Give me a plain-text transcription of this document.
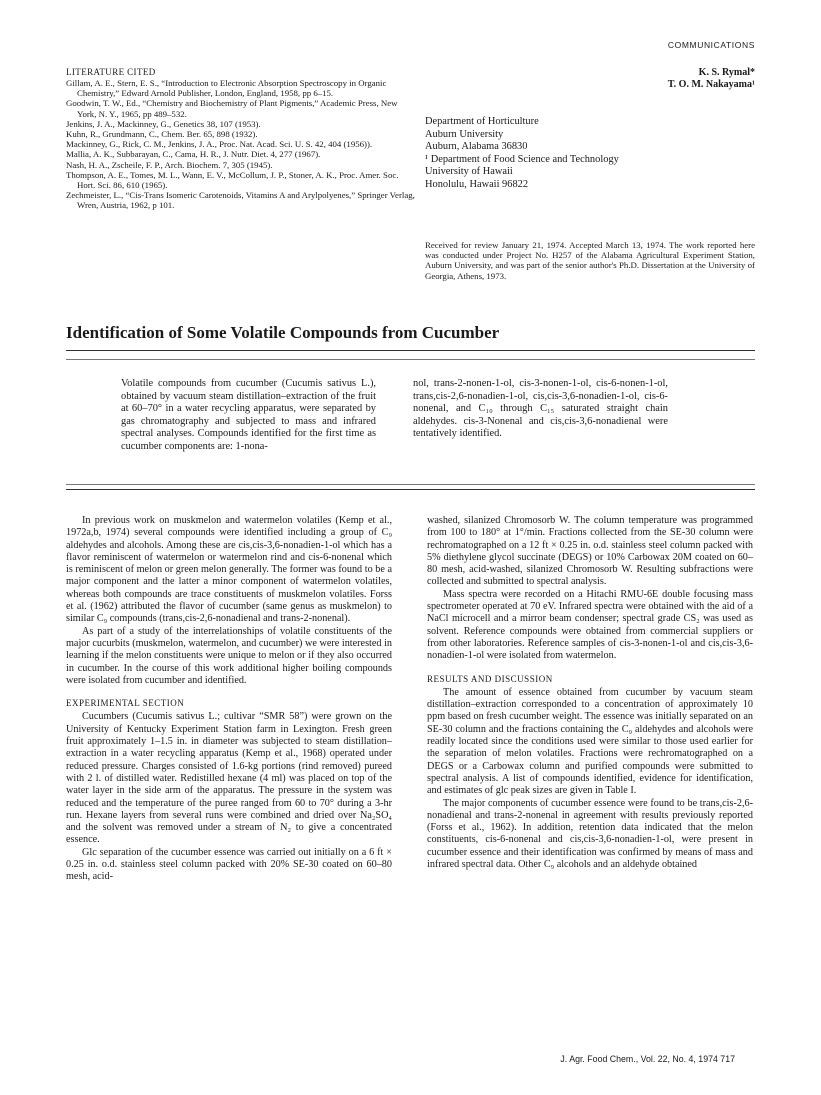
COMMUNICATIONS
LITERATURE CITED
Gillam, A. E., Stern, E. S., “Introduction to Electronic Absorption Spectroscopy in Organic Chemistry,” Edward Arnold Publisher, London, England, 1958, pp 6–15.
Goodwin, T. W., Ed., “Chemistry and Biochemistry of Plant Pigments,” Academic Press, New York, N. Y., 1965, pp 489–532.
Jenkins, J. A., Mackinney, G., Genetics 38, 107 (1953).
Kuhn, R., Grundmann, C., Chem. Ber. 65, 898 (1932).
Mackinney, G., Rick, C. M., Jenkins, J. A., Proc. Nat. Acad. Sci. U. S. 42, 404 (1956)).
Mallia, A. K., Subbarayan, C., Cama, H. R., J. Nutr. Diet. 4, 277 (1967).
Nash, H. A., Zscheile, F. P., Arch. Biochem. 7, 305 (1945).
Thompson, A. E., Tomes, M. L., Wann, E. V., McCollum, J. P., Stoner, A. K., Proc. Amer. Soc. Hort. Sci. 86, 610 (1965).
Zechmeister, L., “Cis-Trans Isomeric Carotenoids, Vitamins A and Arylpolyenes,” Springer Verlag, Wren, Austria, 1962, p 101.
K. S. Rymal*
T. O. M. Nakayama¹
Department of Horticulture
Auburn University
Auburn, Alabama 36830
¹ Department of Food Science and Technology
University of Hawaii
Honolulu, Hawaii 96822
Received for review January 21, 1974. Accepted March 13, 1974. The work reported here was conducted under Project No. H257 of the Alabama Agricultural Experiment Station, Auburn University, and was part of the senior author's Ph.D. Dissertation at the University of Georgia, Athens, 1973.
Identification of Some Volatile Compounds from Cucumber
Volatile compounds from cucumber (Cucumis sativus L.), obtained by vacuum steam distillation–extraction of the fruit at 60–70° in a water recycling apparatus, were separated by gas chromatography and subjected to mass and infrared spectral analyses. Compounds identified for the first time as cucumber components are: 1-nona-
nol, trans-2-nonen-1-ol, cis-3-nonen-1-ol, cis-6-nonen-1-ol, trans,cis-2,6-nonadien-1-ol, cis,cis-3,6-nonadien-1-ol, cis-6-nonenal, and C₁₀ through C₁₅ saturated straight chain aldehydes. cis-3-Nonenal and cis,cis-3,6-nonadienal were tentatively identified.

In previous work on muskmelon and watermelon volatiles (Kemp et al., 1972a,b, 1974) several compounds were identified including a group of C₉ aldehydes and alcohols. Among these are cis,cis-3,6-nonadien-1-ol which has a flavor reminiscent of watermelon or watermelon rind and cis-6-nonenal which is reminiscent of melon or green melon generally. The former was found to be a major component and the latter a minor component of watermelon volatiles, whereas both compounds are trace constituents of muskmelon volatiles. Forss et al. (1962) attributed the flavor of cucumber (same genus as muskmelon) to similar C₉ compounds (trans,cis-2,6-nonadienal and trans-2-nonenal).

As part of a study of the interrelationships of volatile constituents of the major cucurbits (muskmelon, watermelon, and cucumber) we were interested in learning if the melon constituents were unique to melon or if they also occurred in cucumber. In the course of this work additional higher boiling compounds were isolated from cucumber and identified.

EXPERIMENTAL SECTION

Cucumbers (Cucumis sativus L.; cultivar “SMR 58”) were grown on the University of Kentucky Experiment Station farm in Lexington. Fresh green fruit approximately 1–1.5 in. in diameter was subjected to steam distillation–extraction in a water recycling apparatus (Kemp et al., 1968) operated under reduced pressure. Charges consisted of 1.6-kg portions (rind removed) pureed with 2 l. of distilled water. Redistilled hexane (4 ml) was placed on top of the water layer in the side arm of the apparatus. The pressure in the system was reduced and the temperature of the puree ranged from 60 to 70° during a 3-hr run. Hexane layers from several runs were combined and dried over Na₂SO₄ and the solvent was removed under a stream of N₂ to give a concentrated essence.

Glc separation of the cucumber essence was carried out initially on a 6 ft × 0.25 in. o.d. stainless steel column packed with 20% SE-30 coated on 60–80 mesh, acid-

washed, silanized Chromosorb W. The column temperature was programmed from 100 to 180° at 1°/min. Fractions collected from the SE-30 column were rechromatographed on a 12 ft × 0.25 in. o.d. stainless steel column packed with 5% diethylene glycol succinate (DEGS) or 10% Carbowax 20M coated on 60–80 mesh, acid-washed, silanized Chromosorb W. Resulting subfractions were collected and submitted to spectral analysis.

Mass spectra were recorded on a Hitachi RMU-6E double focusing mass spectrometer operated at 70 eV. Infrared spectra were obtained with the aid of a NaCl microcell and a mirror beam condenser; spectral grade CS₂ was used as solvent. Reference compounds were obtained from commercial suppliers or from other laboratories. Reference samples of cis-3-nonen-1-ol and cis,cis-3,6-nonadien-1-ol were isolated from watermelon.

RESULTS AND DISCUSSION

The amount of essence obtained from cucumber by vacuum steam distillation–extraction corresponded to a concentration of approximately 10 ppm based on fresh cucumber weight. The essence was initially separated on an SE-30 column and the fractions containing the C₉ aldehydes and alcohols were readily located since the conditions used were similar to those used earlier for the separation of melon volatiles. Fractions were rechromatographed on a DEGS or a Carbowax column and purified compounds were submitted to spectral analysis. A list of compounds identified, evidence for identification, and estimates of glc peak sizes are given in Table I.

The major components of cucumber essence were found to be trans,cis-2,6-nonadienal and trans-2-nonenal in agreement with results previously reported (Forss et al., 1962). In addition, retention data indicated that the melon constituents, cis-6-nonenal and cis,cis-3,6-nonadien-1-ol, were present in cucumber essence and their identification was confirmed by means of mass and infrared spectral data. Other C₉ alcohols and an aldehyde obtained

J. Agr. Food Chem., Vol. 22, No. 4, 1974 717
